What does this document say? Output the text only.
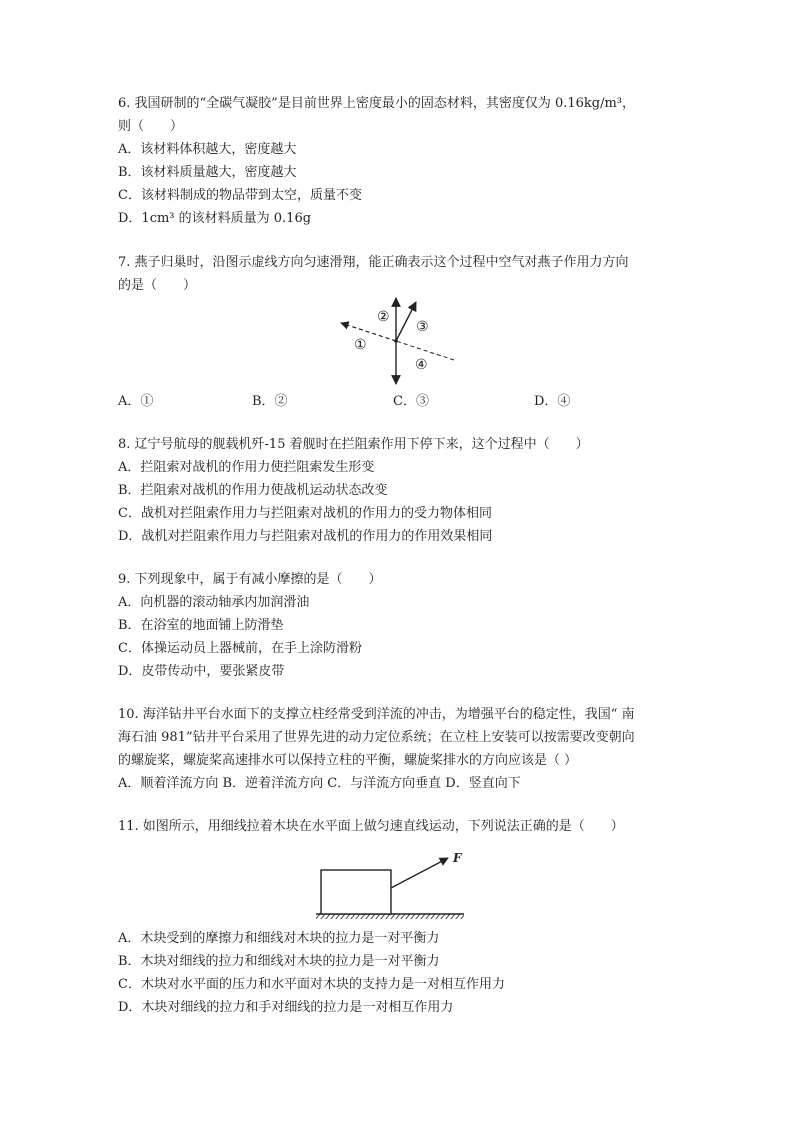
6. 我国研制的“全碳气凝胶”是目前世界上密度最小的固态材料，其密度仅为 0.16kg/m³，
则（　　）
A．该材料体积越大，密度越大
B．该材料质量越大，密度越大
C．该材料制成的物品带到太空，质量不变
D．1cm³ 的该材料质量为 0.16g
7. 燕子归巢时，沿图示虚线方向匀速滑翔，能正确表示这个过程中空气对燕子作用力方向
的是（　　）
①
②
③
④
A．①	B．②	C．③	D．④
8. 辽宁号航母的舰载机歼-15 着舰时在拦阻索作用下停下来，这个过程中（　　）
A．拦阻索对战机的作用力使拦阻索发生形变
B．拦阻索对战机的作用力使战机运动状态改变
C．战机对拦阻索作用力与拦阻索对战机的作用力的受力物体相同
D．战机对拦阻索作用力与拦阻索对战机的作用力的作用效果相同
9. 下列现象中，属于有减小摩擦的是（　　）
A．向机器的滚动轴承内加润滑油
B．在浴室的地面铺上防滑垫
C．体操运动员上器械前，在手上涂防滑粉
D．皮带传动中，要张紧皮带
10. 海洋钻井平台水面下的支撑立柱经常受到洋流的冲击，为增强平台的稳定性，我国“ 南
海石油 981”钻井平台采用了世界先进的动力定位系统；在立柱上安装可以按需要改变朝向
的螺旋桨，螺旋桨高速排水可以保持立柱的平衡，螺旋桨排水的方向应该是（ ）
A．顺着洋流方向 B．逆着洋流方向 C．与洋流方向垂直 D．竖直向下
11. 如图所示，用细线拉着木块在水平面上做匀速直线运动，下列说法正确的是（　　）
F
A．木块受到的摩擦力和细线对木块的拉力是一对平衡力
B．木块对细线的拉力和细线对木块的拉力是一对平衡力
C．木块对水平面的压力和水平面对木块的支持力是一对相互作用力
D．木块对细线的拉力和手对细线的拉力是一对相互作用力
